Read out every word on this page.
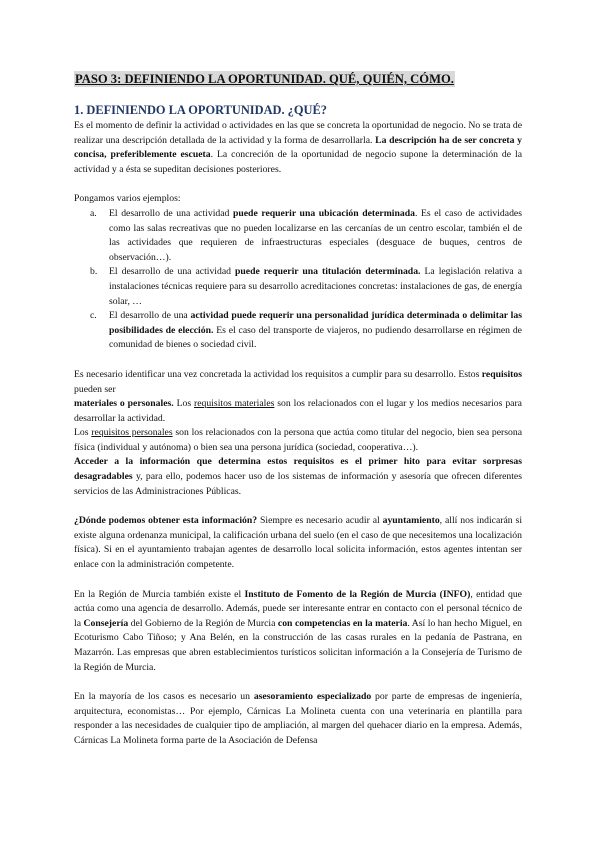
PASO 3: DEFINIENDO LA OPORTUNIDAD. QUÉ, QUIÉN, CÓMO.
1. DEFINIENDO LA OPORTUNIDAD. ¿QUÉ?

Es el momento de definir la actividad o actividades en las que se concreta la oportunidad de negocio. No se trata de realizar una descripción detallada de la actividad y la forma de desarrollarla. La descripción ha de ser concreta y concisa, preferiblemente escueta. La concreción de la oportunidad de negocio supone la determinación de la actividad y a ésta se supeditan decisiones posteriores.

Pongamos varios ejemplos:

a. El desarrollo de una actividad puede requerir una ubicación determinada. Es el caso de actividades como las salas recreativas que no pueden localizarse en las cercanías de un centro escolar, también el de las actividades que requieren de infraestructuras especiales (desguace de buques, centros de observación…).
b. El desarrollo de una actividad puede requerir una titulación determinada. La legislación relativa a instalaciones técnicas requiere para su desarrollo acreditaciones concretas: instalaciones de gas, de energía solar, …
c. El desarrollo de una actividad puede requerir una personalidad jurídica determinada o delimitar las posibilidades de elección. Es el caso del transporte de viajeros, no pudiendo desarrollarse en régimen de comunidad de bienes o sociedad civil.

Es necesario identificar una vez concretada la actividad los requisitos a cumplir para su desarrollo. Estos requisitos pueden ser

materiales o personales. Los requisitos materiales son los relacionados con el lugar y los medios necesarios para desarrollar la actividad.

Los requisitos personales son los relacionados con la persona que actúa como titular del negocio, bien sea persona física (individual y autónoma) o bien sea una persona jurídica (sociedad, cooperativa…).

Acceder a la información que determina estos requisitos es el primer hito para evitar sorpresas desagradables y, para ello, podemos hacer uso de los sistemas de información y asesoría que ofrecen diferentes servicios de las Administraciones Públicas.

¿Dónde podemos obtener esta información? Siempre es necesario acudir al ayuntamiento, allí nos indicarán si existe alguna ordenanza municipal, la calificación urbana del suelo (en el caso de que necesitemos una localización física). Si en el ayuntamiento trabajan agentes de desarrollo local solicita información, estos agentes intentan ser enlace con la administración competente.

En la Región de Murcia también existe el Instituto de Fomento de la Región de Murcia (INFO), entidad que actúa como una agencia de desarrollo. Además, puede ser interesante entrar en contacto con el personal técnico de la Consejería del Gobierno de la Región de Murcia con competencias en la materia. Así lo han hecho Miguel, en Ecoturismo Cabo Tiñoso; y Ana Belén, en la construcción de las casas rurales en la pedanía de Pastrana, en Mazarrón. Las empresas que abren establecimientos turísticos solicitan información a la Consejería de Turismo de la Región de Murcia.

En la mayoría de los casos es necesario un asesoramiento especializado por parte de empresas de ingeniería, arquitectura, economistas… Por ejemplo, Cárnicas La Molineta cuenta con una veterinaria en plantilla para responder a las necesidades de cualquier tipo de ampliación, al margen del quehacer diario en la empresa. Además, Cárnicas La Molineta forma parte de la Asociación de Defensa
